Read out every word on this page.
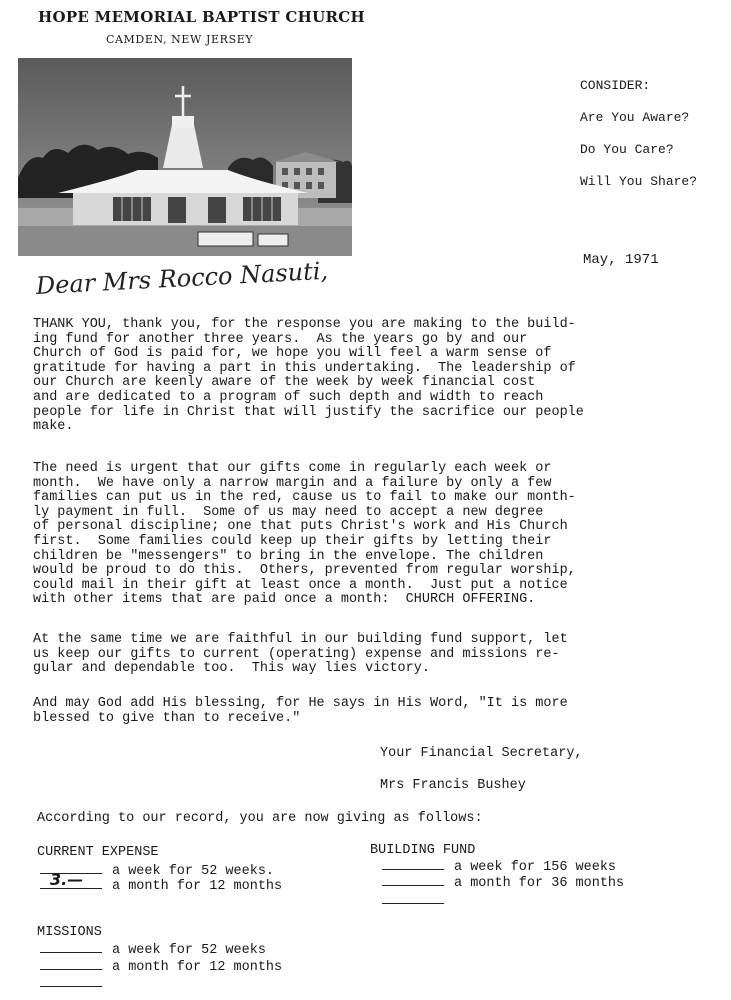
HOPE MEMORIAL BAPTIST CHURCH
CAMDEN, NEW JERSEY
CONSIDER:
Are You Aware?
Do You Care?
Will You Share?
May, 1971
Dear Mrs Rocco Nasuti,
THANK YOU, thank you, for the response you are making to the build-
ing fund for another three years.  As the years go by and our
Church of God is paid for, we hope you will feel a warm sense of
gratitude for having a part in this undertaking.  The leadership of
our Church are keenly aware of the week by week financial cost
and are dedicated to a program of such depth and width to reach
people for life in Christ that will justify the sacrifice our people
make.
The need is urgent that our gifts come in regularly each week or
month.  We have only a narrow margin and a failure by only a few
families can put us in the red, cause us to fail to make our month-
ly payment in full.  Some of us may need to accept a new degree
of personal discipline; one that puts Christ's work and His Church
first.  Some families could keep up their gifts by letting their
children be "messengers" to bring in the envelope. The children
would be proud to do this.  Others, prevented from regular worship,
could mail in their gift at least once a month.  Just put a notice
with other items that are paid once a month:  CHURCH OFFERING.
At the same time we are faithful in our building fund support, let
us keep our gifts to current (operating) expense and missions re-
gular and dependable too.  This way lies victory.
And may God add His blessing, for He says in His Word, "It is more
blessed to give than to receive."
Your Financial Secretary,
Mrs Francis Bushey
According to our record, you are now giving as follows:
CURRENT EXPENSE
a week for 52 weeks.
a month for 12 months
3.—
BUILDING FUND
a week for 156 weeks
a month for 36 months
MISSIONS
a week for 52 weeks
a month for 12 months
